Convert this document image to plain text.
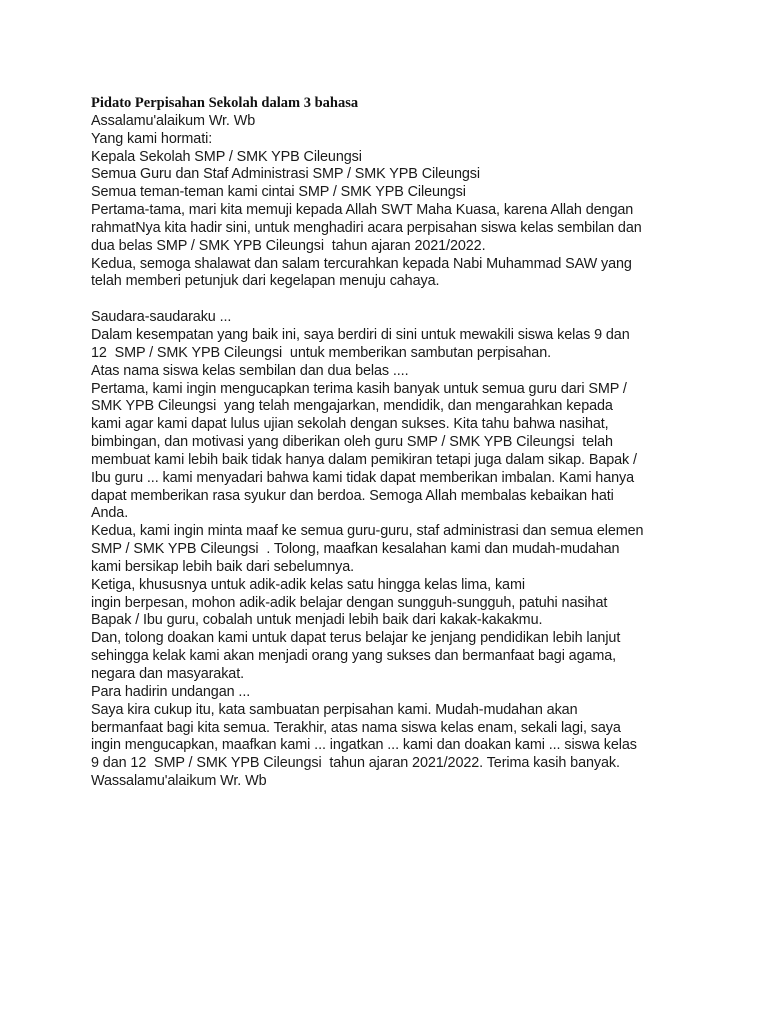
Pidato Perpisahan Sekolah dalam 3 bahasa
Assalamu'alaikum Wr. Wb
Yang kami hormati:
Kepala Sekolah SMP / SMK YPB Cileungsi
Semua Guru dan Staf Administrasi SMP / SMK YPB Cileungsi
Semua teman-teman kami cintai SMP / SMK YPB Cileungsi
Pertama-tama, mari kita memuji kepada Allah SWT Maha Kuasa, karena Allah dengan
rahmatNya kita hadir sini, untuk menghadiri acara perpisahan siswa kelas sembilan dan
dua belas SMP / SMK YPB Cileungsi  tahun ajaran 2021/2022.
Kedua, semoga shalawat dan salam tercurahkan kepada Nabi Muhammad SAW yang
telah memberi petunjuk dari kegelapan menuju cahaya.
Saudara-saudaraku ...
Dalam kesempatan yang baik ini, saya berdiri di sini untuk mewakili siswa kelas 9 dan
12  SMP / SMK YPB Cileungsi  untuk memberikan sambutan perpisahan.
Atas nama siswa kelas sembilan dan dua belas ....
Pertama, kami ingin mengucapkan terima kasih banyak untuk semua guru dari SMP /
SMK YPB Cileungsi  yang telah mengajarkan, mendidik, dan mengarahkan kepada
kami agar kami dapat lulus ujian sekolah dengan sukses. Kita tahu bahwa nasihat,
bimbingan, dan motivasi yang diberikan oleh guru SMP / SMK YPB Cileungsi  telah
membuat kami lebih baik tidak hanya dalam pemikiran tetapi juga dalam sikap. Bapak /
Ibu guru ... kami menyadari bahwa kami tidak dapat memberikan imbalan. Kami hanya
dapat memberikan rasa syukur dan berdoa. Semoga Allah membalas kebaikan hati
Anda.
Kedua, kami ingin minta maaf ke semua guru-guru, staf administrasi dan semua elemen
SMP / SMK YPB Cileungsi  . Tolong, maafkan kesalahan kami dan mudah-mudahan
kami bersikap lebih baik dari sebelumnya.
Ketiga, khususnya untuk adik-adik kelas satu hingga kelas lima, kami
ingin berpesan, mohon adik-adik belajar dengan sungguh-sungguh, patuhi nasihat
Bapak / Ibu guru, cobalah untuk menjadi lebih baik dari kakak-kakakmu.
Dan, tolong doakan kami untuk dapat terus belajar ke jenjang pendidikan lebih lanjut
sehingga kelak kami akan menjadi orang yang sukses dan bermanfaat bagi agama,
negara dan masyarakat.
Para hadirin undangan ...
Saya kira cukup itu, kata sambuatan perpisahan kami. Mudah-mudahan akan
bermanfaat bagi kita semua. Terakhir, atas nama siswa kelas enam, sekali lagi, saya
ingin mengucapkan, maafkan kami ... ingatkan ... kami dan doakan kami ... siswa kelas
9 dan 12  SMP / SMK YPB Cileungsi  tahun ajaran 2021/2022. Terima kasih banyak.
Wassalamu'alaikum Wr. Wb
